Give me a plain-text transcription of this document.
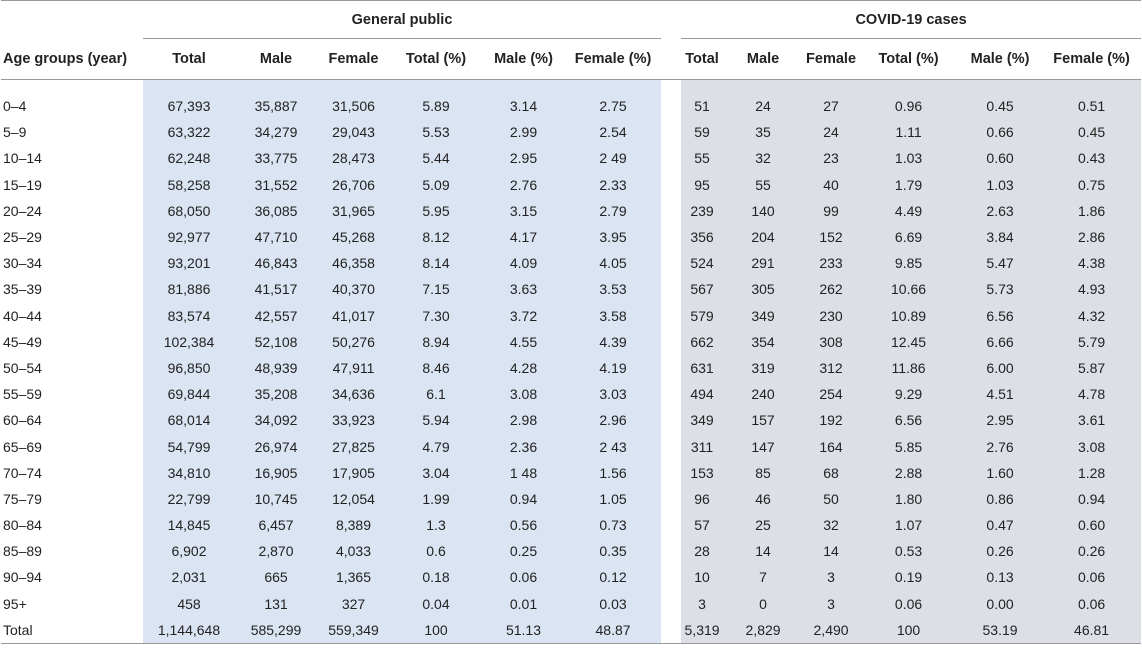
	General public							COVID-19 cases					
Age groups (year)	Total	Male	Female	Total (%)	Male (%)	Female (%)		Total	Male	Female	Total (%)	Male (%)	Female (%)

0–4	67,393	35,887	31,506	5.89	3.14	2.75		51	24	27	0.96	0.45	0.51
5–9	63,322	34,279	29,043	5.53	2.99	2.54		59	35	24	1.11	0.66	0.45
10–14	62,248	33,775	28,473	5.44	2.95	2 49		55	32	23	1.03	0.60	0.43
15–19	58,258	31,552	26,706	5.09	2.76	2.33		95	55	40	1.79	1.03	0.75
20–24	68,050	36,085	31,965	5.95	3.15	2.79		239	140	99	4.49	2.63	1.86
25–29	92,977	47,710	45,268	8.12	4.17	3.95		356	204	152	6.69	3.84	2.86
30–34	93,201	46,843	46,358	8.14	4.09	4.05		524	291	233	9.85	5.47	4.38
35–39	81,886	41,517	40,370	7.15	3.63	3.53		567	305	262	10.66	5.73	4.93
40–44	83,574	42,557	41,017	7.30	3.72	3.58		579	349	230	10.89	6.56	4.32
45–49	102,384	52,108	50,276	8.94	4.55	4.39		662	354	308	12.45	6.66	5.79
50–54	96,850	48,939	47,911	8.46	4.28	4.19		631	319	312	11.86	6.00	5.87
55–59	69,844	35,208	34,636	6.1	3.08	3.03		494	240	254	9.29	4.51	4.78
60–64	68,014	34,092	33,923	5.94	2.98	2.96		349	157	192	6.56	2.95	3.61
65–69	54,799	26,974	27,825	4.79	2.36	2 43		311	147	164	5.85	2.76	3.08
70–74	34,810	16,905	17,905	3.04	1 48	1.56		153	85	68	2.88	1.60	1.28
75–79	22,799	10,745	12,054	1.99	0.94	1.05		96	46	50	1.80	0.86	0.94
80–84	14,845	6,457	8,389	1.3	0.56	0.73		57	25	32	1.07	0.47	0.60
85–89	6,902	2,870	4,033	0.6	0.25	0.35		28	14	14	0.53	0.26	0.26
90–94	2,031	665	1,365	0.18	0.06	0.12		10	7	3	0.19	0.13	0.06
95+	458	131	327	0.04	0.01	0.03		3	0	3	0.06	0.00	0.06
Total	1,144,648	585,299	559,349	100	51.13	48.87		5,319	2,829	2,490	100	53.19	46.81
